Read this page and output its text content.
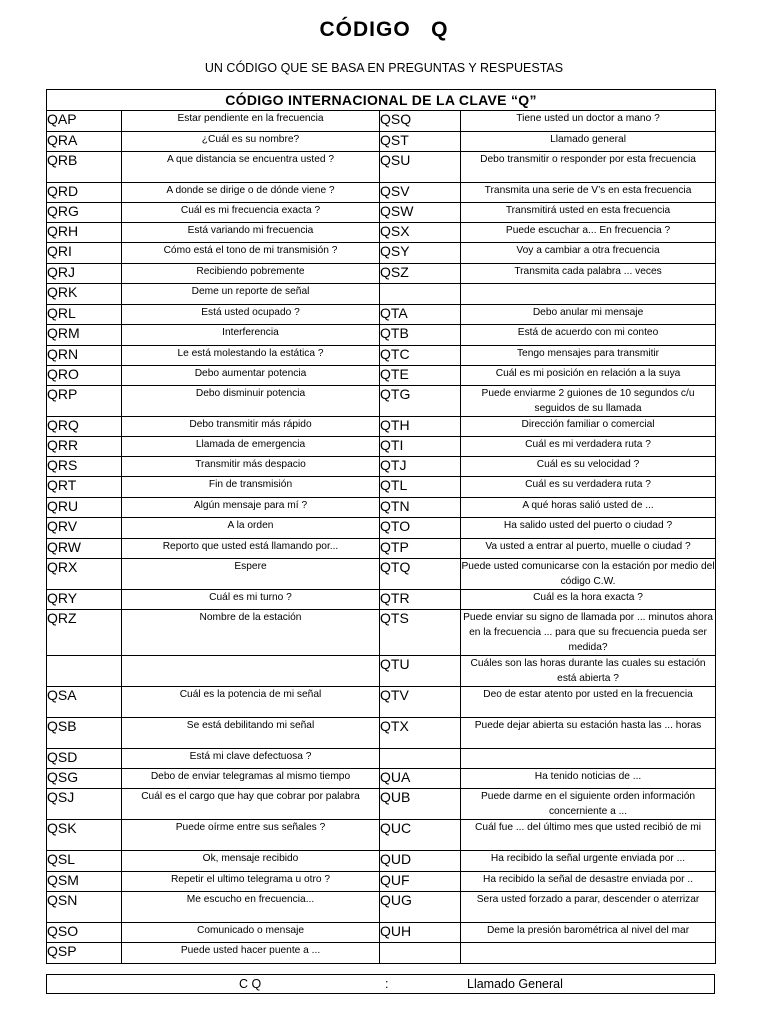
CÓDIGO   Q
UN CÓDIGO QUE SE BASA EN PREGUNTAS Y RESPUESTAS
CÓDIGO INTERNACIONAL DE LA CLAVE “Q”			
QAP	Estar pendiente en la frecuencia	QSQ	Tiene usted un doctor a mano ?
QRA	¿Cuál es su nombre?	QST	Llamado general
QRB	A que distancia se encuentra usted ?	QSU	Debo transmitir o responder por esta frecuencia
QRD	A donde se dirige o de dónde viene ?	QSV	Transmita una serie de V’s en esta frecuencia
QRG	Cuál es mi frecuencia exacta ?	QSW	Transmitirá usted en esta frecuencia
QRH	Está variando mi frecuencia	QSX	Puede escuchar a... En frecuencia ?
QRI	Cómo está el tono de mi transmisión ?	QSY	Voy a cambiar a otra frecuencia
QRJ	Recibiendo pobremente	QSZ	Transmita cada palabra ... veces
QRK	Deme un reporte de señal		
QRL	Está usted ocupado ?	QTA	Debo anular mi mensaje
QRM	Interferencia	QTB	Está de acuerdo con mi conteo
QRN	Le está molestando la estática ?	QTC	Tengo mensajes para transmitir
QRO	Debo aumentar potencia	QTE	Cuál es mi posición en relación a la suya
QRP	Debo disminuir potencia	QTG	Puede enviarme 2 guiones de 10 segundos c/u seguidos de su llamada
QRQ	Debo transmitir más rápido	QTH	Dirección familiar o comercial
QRR	Llamada de emergencia	QTI	Cuál es mi verdadera ruta ?
QRS	Transmitir más despacio	QTJ	Cuál es su velocidad ?
QRT	Fin de transmisión	QTL	Cuál es su verdadera ruta ?
QRU	Algún mensaje para mí ?	QTN	A qué horas salió usted de ...
QRV	A la orden	QTO	Ha salido usted del puerto o ciudad ?
QRW	Reporto que usted está llamando por...	QTP	Va usted a entrar al puerto, muelle o ciudad ?
QRX	Espere	QTQ	Puede usted comunicarse con la estación por medio del código C.W.
QRY	Cuál es mi turno ?	QTR	Cuál es la hora exacta ?
QRZ	Nombre de la estación	QTS	Puede enviar su signo de llamada por ... minutos ahora en la frecuencia ... para que su frecuencia pueda ser medida?
		QTU	Cuáles son las horas durante las cuales su estación está abierta ?
QSA	Cuál es la potencia de mi señal	QTV	Deo de estar atento por usted en la frecuencia
QSB	Se está debilitando mi señal	QTX	Puede dejar abierta su estación hasta las ... horas
QSD	Está mi clave defectuosa ?		
QSG	Debo de enviar telegramas al mismo tiempo	QUA	Ha tenido noticias de ...
QSJ	Cuál es el cargo que hay que cobrar por palabra	QUB	Puede darme en el siguiente orden información concerniente a ...
QSK	Puede oírme entre sus señales ?	QUC	Cuál fue ... del último mes que usted recibió de mi
QSL	Ok, mensaje recibido	QUD	Ha recibido la señal urgente enviada por ...
QSM	Repetir el ultimo telegrama u otro ?	QUF	Ha recibido la señal de desastre enviada por ..
QSN	Me escucho en frecuencia...	QUG	Sera usted forzado a parar, descender o aterrizar
QSO	Comunicado o mensaje	QUH	Deme la presión barométrica al nivel del mar
QSP	Puede usted hacer puente a ...		
C Q	:	Llamado General
